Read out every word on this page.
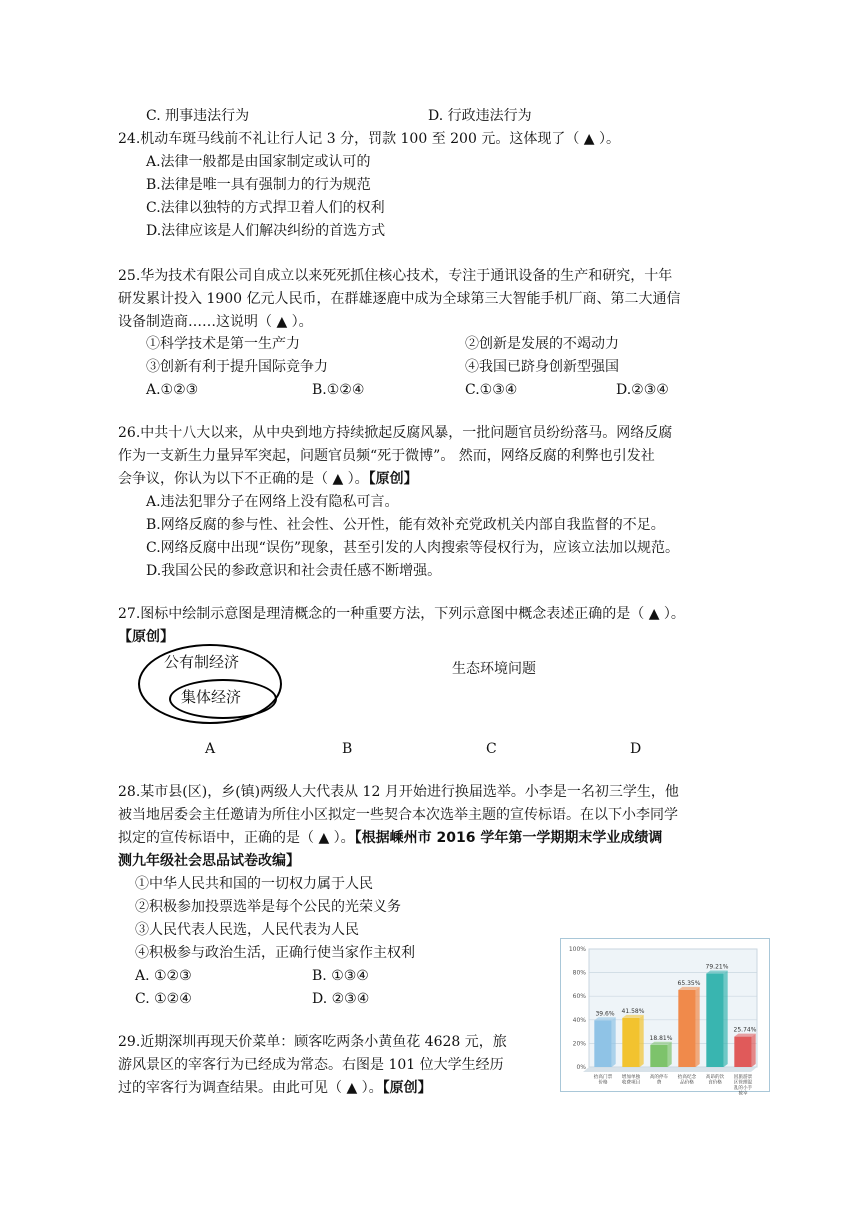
C. 刑事违法行为	D. 行政违法行为
24.机动车斑马线前不礼让行人记 3 分，罚款 100 至 200 元。这体现了（ ▲ ）。
A.法律一般都是由国家制定或认可的
B.法律是唯一具有强制力的行为规范
C.法律以独特的方式捍卫着人们的权利
D.法律应该是人们解决纠纷的首选方式
25.华为技术有限公司自成立以来死死抓住核心技术，专注于通讯设备的生产和研究，十年
研发累计投入 1900 亿元人民币，在群雄逐鹿中成为全球第三大智能手机厂商、第二大通信
设备制造商……这说明（ ▲ ）。
①科学技术是第一生产力	②创新是发展的不竭动力
③创新有利于提升国际竞争力	④我国已跻身创新型强国
A.①②③	B.①②④	C.①③④	D.②③④
26.中共十八大以来，从中央到地方持续掀起反腐风暴，一批问题官员纷纷落马。网络反腐
作为一支新生力量异军突起，问题官员频“死于微博”。 然而，网络反腐的利弊也引发社
会争议，你认为以下不正确的是（ ▲ ）。【原创】
A.违法犯罪分子在网络上没有隐私可言。
B.网络反腐的参与性、社会性、公开性，能有效补充党政机关内部自我监督的不足。
C.网络反腐中出现“误伤”现象，甚至引发的人肉搜索等侵权行为，应该立法加以规范。
D.我国公民的参政意识和社会责任感不断增强。
27.图标中绘制示意图是理清概念的一种重要方法，下列示意图中概念表述正确的是（ ▲ ）。
【原创】
公有制经济
集体经济
生态环境问题
A	B	C	D
28.某市县(区)，乡(镇)两级人大代表从 12 月开始进行换届选举。小李是一名初三学生，他
被当地居委会主任邀请为所住小区拟定一些契合本次选举主题的宣传标语。在以下小李同学
拟定的宣传标语中，正确的是（ ▲ ）。【根据嵊州市 2016 学年第一学期期末学业成绩调
测九年级社会思品试卷改编】
①中华人民共和国的一切权力属于人民
②积极参加投票选举是每个公民的光荣义务
③人民代表人民选，人民代表为人民
④积极参与政治生活，正确行使当家作主权利
A. ①②③	B. ①③④
C. ①②④	D. ②③④
29.近期深圳再现天价菜单：顾客吃两条小黄鱼花 4628 元，旅
游风景区的宰客行为已经成为常态。右图是 101 位大学生经历
过的宰客行为调查结果。由此可见（ ▲ ）。【原创】
0%
20%
40%
60%
80%
100%
39.6%
抬高门票价格
41.58%
增加单独收费项目
18.81%
高的停车费
65.35%
抬高纪念品价格
79.21%
高昂的饮食价格
25.74%
因旅游景区管理混乱的小手被宰
